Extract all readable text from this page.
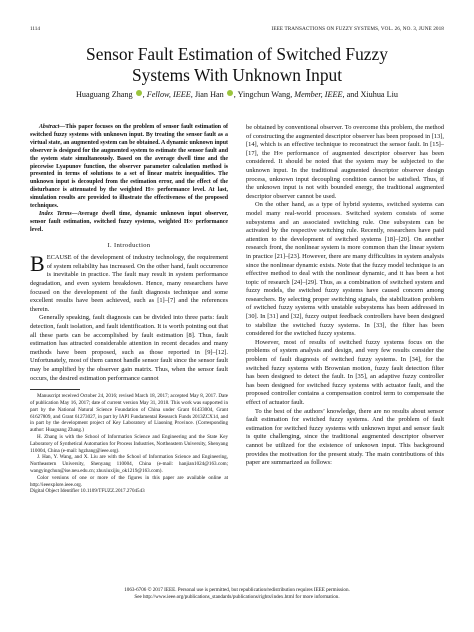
1114	IEEE TRANSACTIONS ON FUZZY SYSTEMS, VOL. 26, NO. 3, JUNE 2018
Sensor Fault Estimation of Switched Fuzzy
Systems With Unknown Input
Huaguang Zhang , Fellow, IEEE, Jian Han , Yingchun Wang, Member, IEEE, and Xiuhua Liu

Abstract—This paper focuses on the problem of sensor fault estimation of switched fuzzy systems with unknown input. By treating the sensor fault as a virtual state, an augmented system can be obtained. A dynamic unknown input observer is designed for the augmented system to estimate the sensor fault and the system state simultaneously. Based on the average dwell time and the piecewise Lyapunov function, the observer parameter calculation method is presented in terms of solutions to a set of linear matrix inequalities. The unknown input is decoupled from the estimation error, and the effect of the disturbance is attenuated by the weighted H∞ performance level. At last, simulation results are provided to illustrate the effectiveness of the proposed techniques.

Index Terms—Average dwell time, dynamic unknown input observer, sensor fault estimation, switched fuzzy systems, weighted H∞ performance level.

I. Introduction

BECAUSE of the development of industry technology, the requirement of system reliability has increased. On the other hand, fault occurrence is inevitable in practice. The fault may result in system performance degradation, and even system breakdown. Hence, many researchers have focused on the development of the fault diagnosis technique and some excellent results have been achieved, such as [1]–[7] and the references therein.

Generally speaking, fault diagnosis can be divided into three parts: fault detection, fault isolation, and fault identification. It is worth pointing out that all these parts can be accomplished by fault estimation [8]. Thus, fault estimation has attracted considerable attention in recent decades and many methods have been proposed, such as those reported in [9]–[12]. Unfortunately, most of them cannot handle sensor fault since the sensor fault may be amplified by the observer gain matrix. Thus, when the sensor fault occurs, the desired estimation performance cannot

Manuscript received October 24, 2016; revised March 18, 2017; accepted May 8, 2017. Date of publication May 16, 2017; date of current version May 31, 2018. This work was supported in part by the National Natural Science Foundation of China under Grant 61433004, Grant 61627809, and Grant 61273027, in part by IAPI Fundamental Research Funds 2013ZCX14, and in part by the development project of Key Laboratory of Liaoning Province. (Corresponding author: Huaguang Zhang.)

H. Zhang is with the School of Information Science and Engineering and the State Key Laboratory of Synthetical Automation for Process Industries, Northeastern University, Shenyang 110004, China (e-mail: hgzhang@ieee.org).

J. Han, Y. Wang, and X. Liu are with the School of Information Science and Engineering, Northeastern University, Shenyang 110004, China (e-mail: hanjian1024@163.com; wangyingchun@ise.neu.edu.cn; zhuxiuxijiu_ok1219@163.com).

Color versions of one or more of the figures in this paper are available online at http://ieeexplore.ieee.org.

Digital Object Identifier 10.1109/TFUZZ.2017.2704543

be obtained by conventional observer. To overcome this problem, the method of constructing the augmented descriptor observer has been proposed in [13], [14], which is an effective technique to reconstruct the sensor fault. In [15]–[17], the H∞ performance of augmented descriptor observer has been considered. It should be noted that the system may be subjected to the unknown input. In the traditional augmented descriptor observer design process, unknown input decoupling condition cannot be satisfied. Thus, if the unknown input is not with bounded energy, the traditional augmented descriptor observer cannot be used.

On the other hand, as a type of hybrid systems, switched systems can model many real-world processes. Switched system consists of some subsystems and an associated switching rule. One subsystem can be activated by the respective switching rule. Recently, researchers have paid attention to the development of switched systems [18]–[20]. On another research front, the nonlinear system is more common than the linear system in practice [21]–[23]. However, there are many difficulties in system analysis since the nonlinear dynamic exists. Note that the fuzzy model technique is an effective method to deal with the nonlinear dynamic, and it has been a hot topic of research [24]–[29]. Thus, as a combination of switched system and fuzzy models, the switched fuzzy systems have caused concern among researchers. By selecting proper switching signals, the stabilization problem of switched fuzzy systems with unstable subsystems has been addressed in [30]. In [31] and [32], fuzzy output feedback controllers have been designed to stabilize the switched fuzzy systems. In [33], the filter has been considered for the switched fuzzy systems.

However, most of results of switched fuzzy systems focus on the problems of system analysis and design, and very few results consider the problem of fault diagnosis of switched fuzzy systems. In [34], for the switched fuzzy systems with Brownian motion, fuzzy fault detection filter has been designed to detect the fault. In [35], an adaptive fuzzy controller has been designed for switched fuzzy systems with actuator fault, and the proposed controller contains a compensation control term to compensate the effect of actuator fault.

To the best of the authors’ knowledge, there are no results about sensor fault estimation for switched fuzzy systems. And the problem of fault estimation for switched fuzzy systems with unknown input and sensor fault is quite challenging, since the traditional augmented descriptor observer cannot be utilized for the existence of unknown input. This background provides the motivation for the present study. The main contributions of this paper are summarized as follows:

1063-6706 © 2017 IEEE. Personal use is permitted, but republication/redistribution requires IEEE permission.
See http://www.ieee.org/publications_standards/publications/rights/index.html for more information.
